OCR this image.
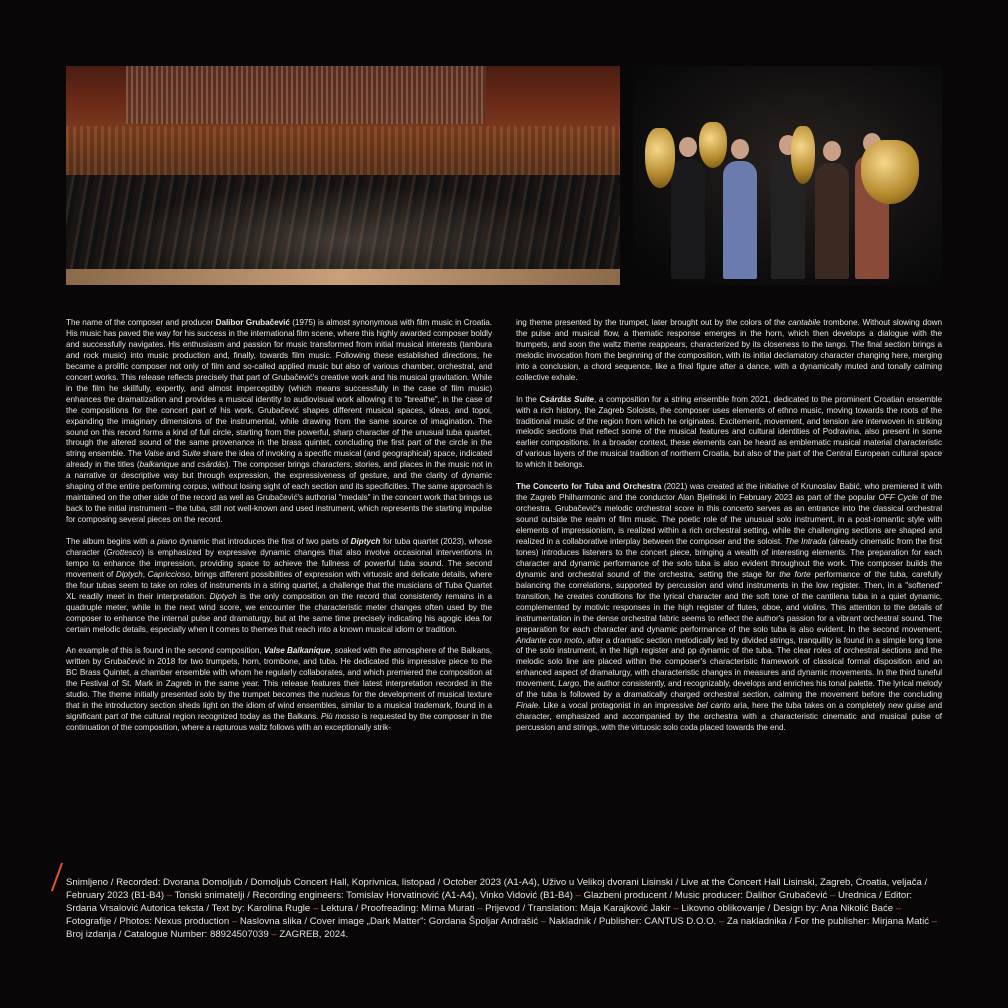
The name of the composer and producer Dalibor Grubačević (1975) is almost synonymous with film music in Croatia. His music has paved the way for his success in the international film scene, where this highly awarded composer boldly and successfully navigates. His enthusiasm and passion for music transformed from initial musical interests (tambura and rock music) into music production and, finally, towards film music. Following these established directions, he became a prolific composer not only of film and so-called applied music but also of various chamber, orchestral, and concert works. This release reflects precisely that part of Grubačević's creative work and his musical gravitation. While in the film he skillfully, expertly, and almost imperceptibly (which means successfully in the case of film music) enhances the dramatization and provides a musical identity to audiovisual work allowing it to "breathe", in the case of the compositions for the concert part of his work, Grubačević shapes different musical spaces, ideas, and topoi, expanding the imaginary dimensions of the instrumental, while drawing from the same source of imagination. The sound on this record forms a kind of full circle, starting from the powerful, sharp character of the unusual tuba quartet, through the altered sound of the same provenance in the brass quintet, concluding the first part of the circle in the string ensemble. The Valse and Suite share the idea of invoking a specific musical (and geographical) space, indicated already in the titles (balkanique and csárdás). The composer brings characters, stories, and places in the music not in a narrative or descriptive way but through expression, the expressiveness of gesture, and the clarity of dynamic shaping of the entire performing corpus, without losing sight of each section and its specificities. The same approach is maintained on the other side of the record as well as Grubačević's authorial "medals" in the concert work that brings us back to the initial instrument – the tuba, still not well-known and used instrument, which represents the starting impulse for composing several pieces on the record.

The album begins with a piano dynamic that introduces the first of two parts of Diptych for tuba quartet (2023), whose character (Grottesco) is emphasized by expressive dynamic changes that also involve occasional interventions in tempo to enhance the impression, providing space to achieve the fullness of powerful tuba sound. The second movement of Diptych, Capriccioso, brings different possibilities of expression with virtuosic and delicate details, where the four tubas seem to take on roles of instruments in a string quartet, a challenge that the musicians of Tuba Quartet XL readily meet in their interpretation. Diptych is the only composition on the record that consistently remains in a quadruple meter, while in the next wind score, we encounter the characteristic meter changes often used by the composer to enhance the internal pulse and dramaturgy, but at the same time precisely indicating his agogic idea for certain melodic details, especially when it comes to themes that reach into a known musical idiom or tradition.

An example of this is found in the second composition, Valse Balkanique, soaked with the atmosphere of the Balkans, written by Grubačević in 2018 for two trumpets, horn, trombone, and tuba. He dedicated this impressive piece to the BC Brass Quintet, a chamber ensemble with whom he regularly collaborates, and which premiered the composition at the Festival of St. Mark in Zagreb in the same year. This release features their latest interpretation recorded in the studio. The theme initially presented solo by the trumpet becomes the nucleus for the development of musical texture that in the introductory section sheds light on the idiom of wind ensembles, similar to a musical trademark, found in a significant part of the cultural region recognized today as the Balkans. Più mosso is requested by the composer in the continuation of the composition, where a rapturous waltz follows with an exceptionally strik-

ing theme presented by the trumpet, later brought out by the colors of the cantabile trombone. Without slowing down the pulse and musical flow, a thematic response emerges in the horn, which then develops a dialogue with the trumpets, and soon the waltz theme reappears, characterized by its closeness to the tango. The final section brings a melodic invocation from the beginning of the composition, with its initial declamatory character changing here, merging into a conclusion, a chord sequence, like a final figure after a dance, with a dynamically muted and tonally calming collective exhale.

In the Csárdás Suite, a composition for a string ensemble from 2021, dedicated to the prominent Croatian ensemble with a rich history, the Zagreb Soloists, the composer uses elements of ethno music, moving towards the roots of the traditional music of the region from which he originates. Excitement, movement, and tension are interwoven in striking melodic sections that reflect some of the musical features and cultural identities of Podravina, also present in some earlier compositions. In a broader context, these elements can be heard as emblematic musical material characteristic of various layers of the musical tradition of northern Croatia, but also of the part of the Central European cultural space to which it belongs.

The Concerto for Tuba and Orchestra (2021) was created at the initiative of Krunoslav Babić, who premiered it with the Zagreb Philharmonic and the conductor Alan Bjelinski in February 2023 as part of the popular OFF Cycle of the orchestra. Grubačević's melodic orchestral score in this concerto serves as an entrance into the classical orchestral sound outside the realm of film music. The poetic role of the unusual solo instrument, in a post-romantic style with elements of impressionism, is realized within a rich orchestral setting, while the challenging sections are shaped and realized in a collaborative interplay between the composer and the soloist. The Intrada (already cinematic from the first tones) introduces listeners to the concert piece, bringing a wealth of interesting elements. The preparation for each character and dynamic performance of the solo tuba is also evident throughout the work. The composer builds the dynamic and orchestral sound of the orchestra, setting the stage for the forte performance of the tuba, carefully balancing the correlations, supported by percussion and wind instruments in the low register. Then, in a "softened" transition, he creates conditions for the lyrical character and the soft tone of the cantilena tuba in a quiet dynamic, complemented by motivic responses in the high register of flutes, oboe, and violins. This attention to the details of instrumentation in the dense orchestral fabric seems to reflect the author's passion for a vibrant orchestral sound. The preparation for each character and dynamic performance of the solo tuba is also evident. In the second movement, Andante con moto, after a dramatic section melodically led by divided strings, tranquility is found in a simple long tone of the solo instrument, in the high register and pp dynamic of the tuba. The clear roles of orchestral sections and the melodic solo line are placed within the composer's characteristic framework of classical formal disposition and an enhanced aspect of dramaturgy, with characteristic changes in measures and dynamic movements. In the third tuneful movement, Largo, the author consistently, and recognizably, develops and enriches his tonal palette. The lyrical melody of the tuba is followed by a dramatically charged orchestral section, calming the movement before the concluding Finale. Like a vocal protagonist in an impressive bel canto aria, here the tuba takes on a completely new guise and character, emphasized and accompanied by the orchestra with a characteristic cinematic and musical pulse of percussion and strings, with the virtuosic solo coda placed towards the end.

Snimljeno / Recorded: Dvorana Domoljub / Domoljub Concert Hall, Koprivnica, listopad / October 2023 (A1-A4), Uživo u Velikoj dvorani Lisinski / Live at the Concert Hall Lisinski, Zagreb, Croatia, veljača / February 2023 (B1-B4) – Tonski snimatelji / Recording engineers: Tomislav Horvatinović (A1-A4), Vinko Vidović (B1-B4) – Glazbeni producent / Music producer: Dalibor Grubačević – Urednica / Editor: Srdana Vrsalović Autorica teksta / Text by: Karolina Rugle – Lektura / Proofreading: Mirna Murati – Prijevod / Translation: Maja Karajković Jakir – Likovno oblikovanje / Design by: Ana Nikolić Baće – Fotografije / Photos: Nexus production – Naslovna slika / Cover image „Dark Matter": Gordana Špoljar Andrašić – Nakladnik / Publisher: CANTUS D.O.O. – Za nakladnika / For the publisher: Mirjana Matić – Broj izdanja / Catalogue Number: 88924507039 – ZAGREB, 2024.
